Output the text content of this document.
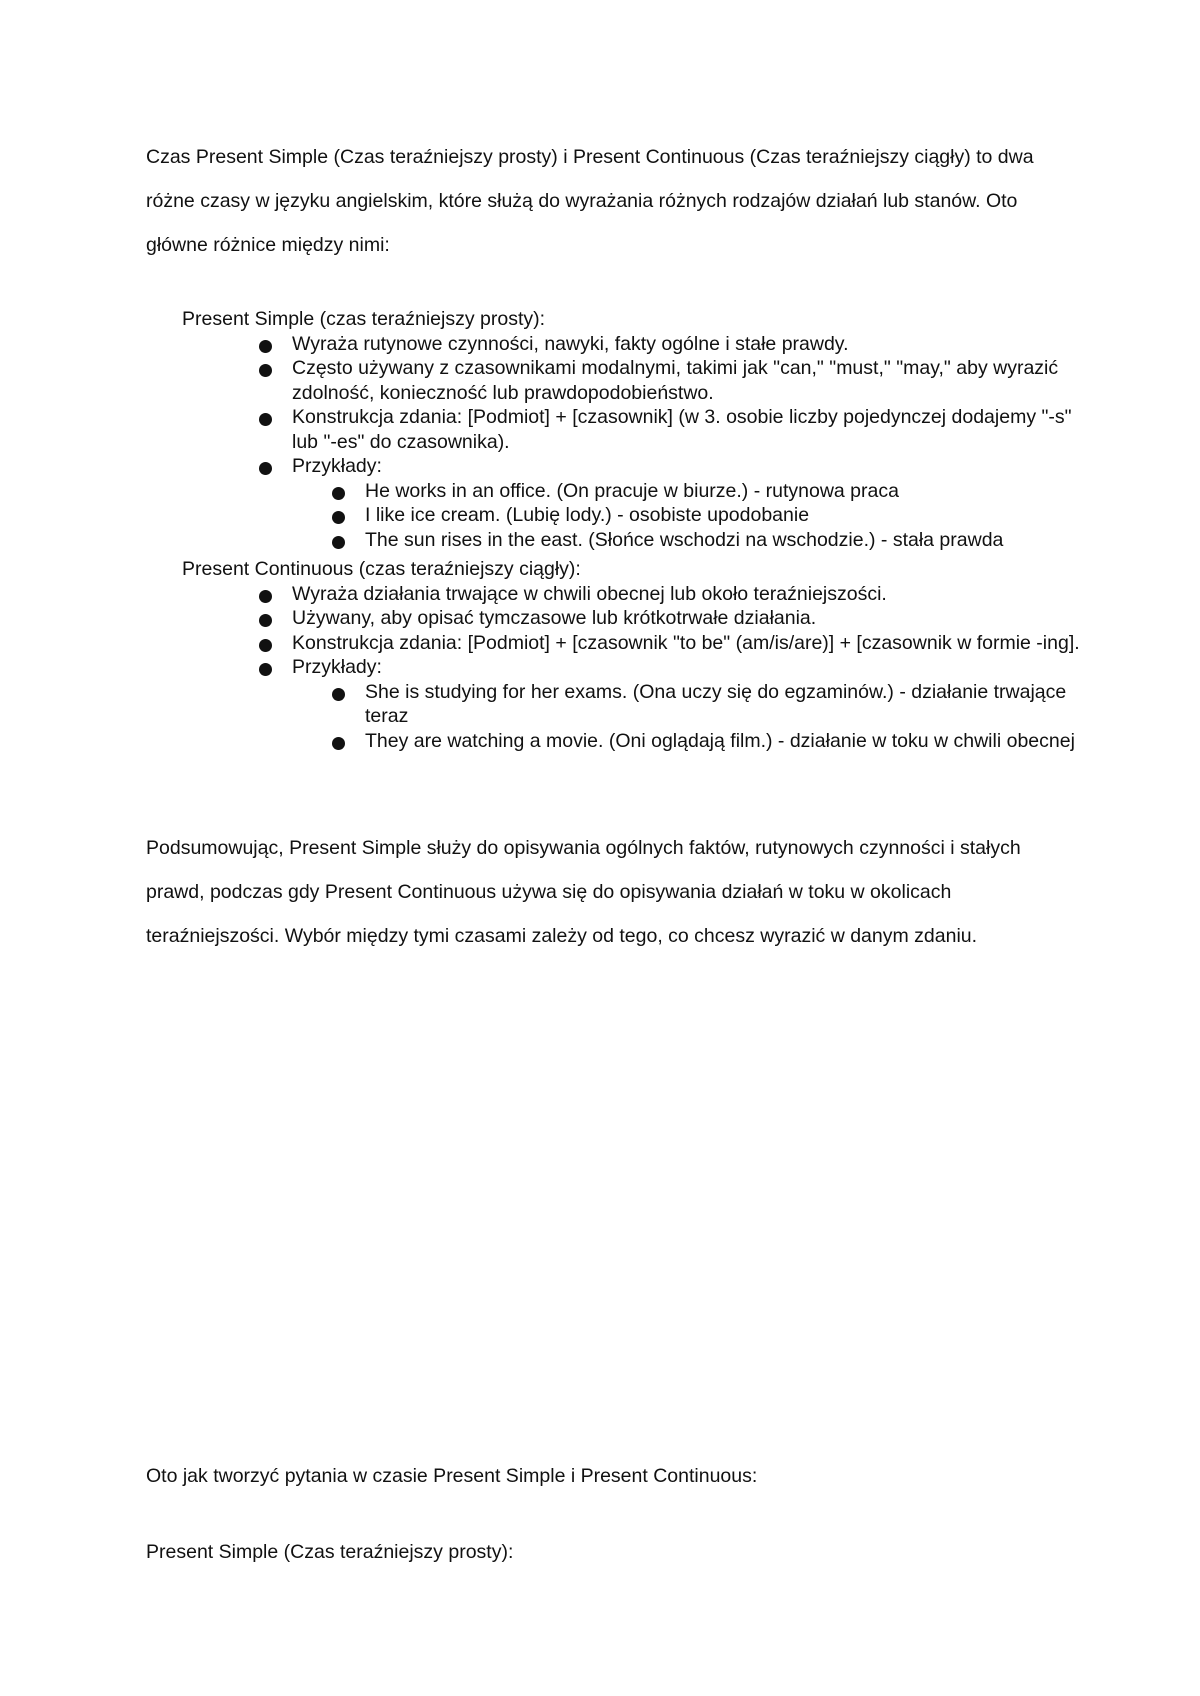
Czas Present Simple (Czas teraźniejszy prosty) i Present Continuous (Czas teraźniejszy ciągły) to dwa różne czasy w języku angielskim, które służą do wyrażania różnych rodzajów działań lub stanów. Oto główne różnice między nimi:

Present Simple (czas teraźniejszy prosty):

Wyraża rutynowe czynności, nawyki, fakty ogólne i stałe prawdy.
Często używany z czasownikami modalnymi, takimi jak "can," "must," "may," aby wyrazić zdolność, konieczność lub prawdopodobieństwo.
Konstrukcja zdania: [Podmiot] + [czasownik] (w 3. osobie liczby pojedynczej dodajemy "-s" lub "-es" do czasownika).
Przykłady:
He works in an office. (On pracuje w biurze.) - rutynowa praca
I like ice cream. (Lubię lody.) - osobiste upodobanie
The sun rises in the east. (Słońce wschodzi na wschodzie.) - stała prawda

Present Continuous (czas teraźniejszy ciągły):

Wyraża działania trwające w chwili obecnej lub około teraźniejszości.
Używany, aby opisać tymczasowe lub krótkotrwałe działania.
Konstrukcja zdania: [Podmiot] + [czasownik "to be" (am/is/are)] + [czasownik w formie -ing].
Przykłady:
She is studying for her exams. (Ona uczy się do egzaminów.) - działanie trwające teraz
They are watching a movie. (Oni oglądają film.) - działanie w toku w chwili obecnej

Podsumowując, Present Simple służy do opisywania ogólnych faktów, rutynowych czynności i stałych prawd, podczas gdy Present Continuous używa się do opisywania działań w toku w okolicach teraźniejszości. Wybór między tymi czasami zależy od tego, co chcesz wyrazić w danym zdaniu.

Oto jak tworzyć pytania w czasie Present Simple i Present Continuous:

Present Simple (Czas teraźniejszy prosty):
